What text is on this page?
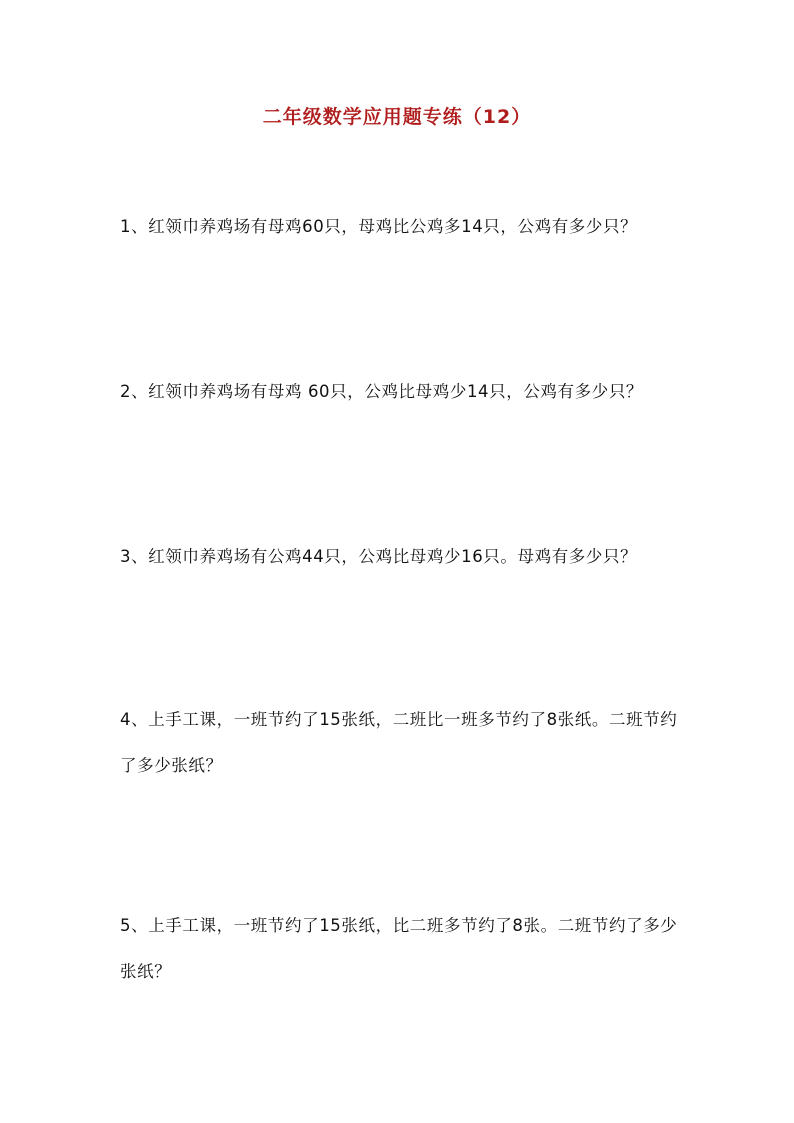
二年级数学应用题专练（12）
1、红领巾养鸡场有母鸡60只，母鸡比公鸡多14只，公鸡有多少只？
2、红领巾养鸡场有母鸡 60只，公鸡比母鸡少14只，公鸡有多少只？
3、红领巾养鸡场有公鸡44只，公鸡比母鸡少16只。母鸡有多少只？
4、上手工课，一班节约了15张纸，二班比一班多节约了8张纸。二班节约了多少张纸？
5、上手工课，一班节约了15张纸，比二班多节约了8张。二班节约了多少张纸？
